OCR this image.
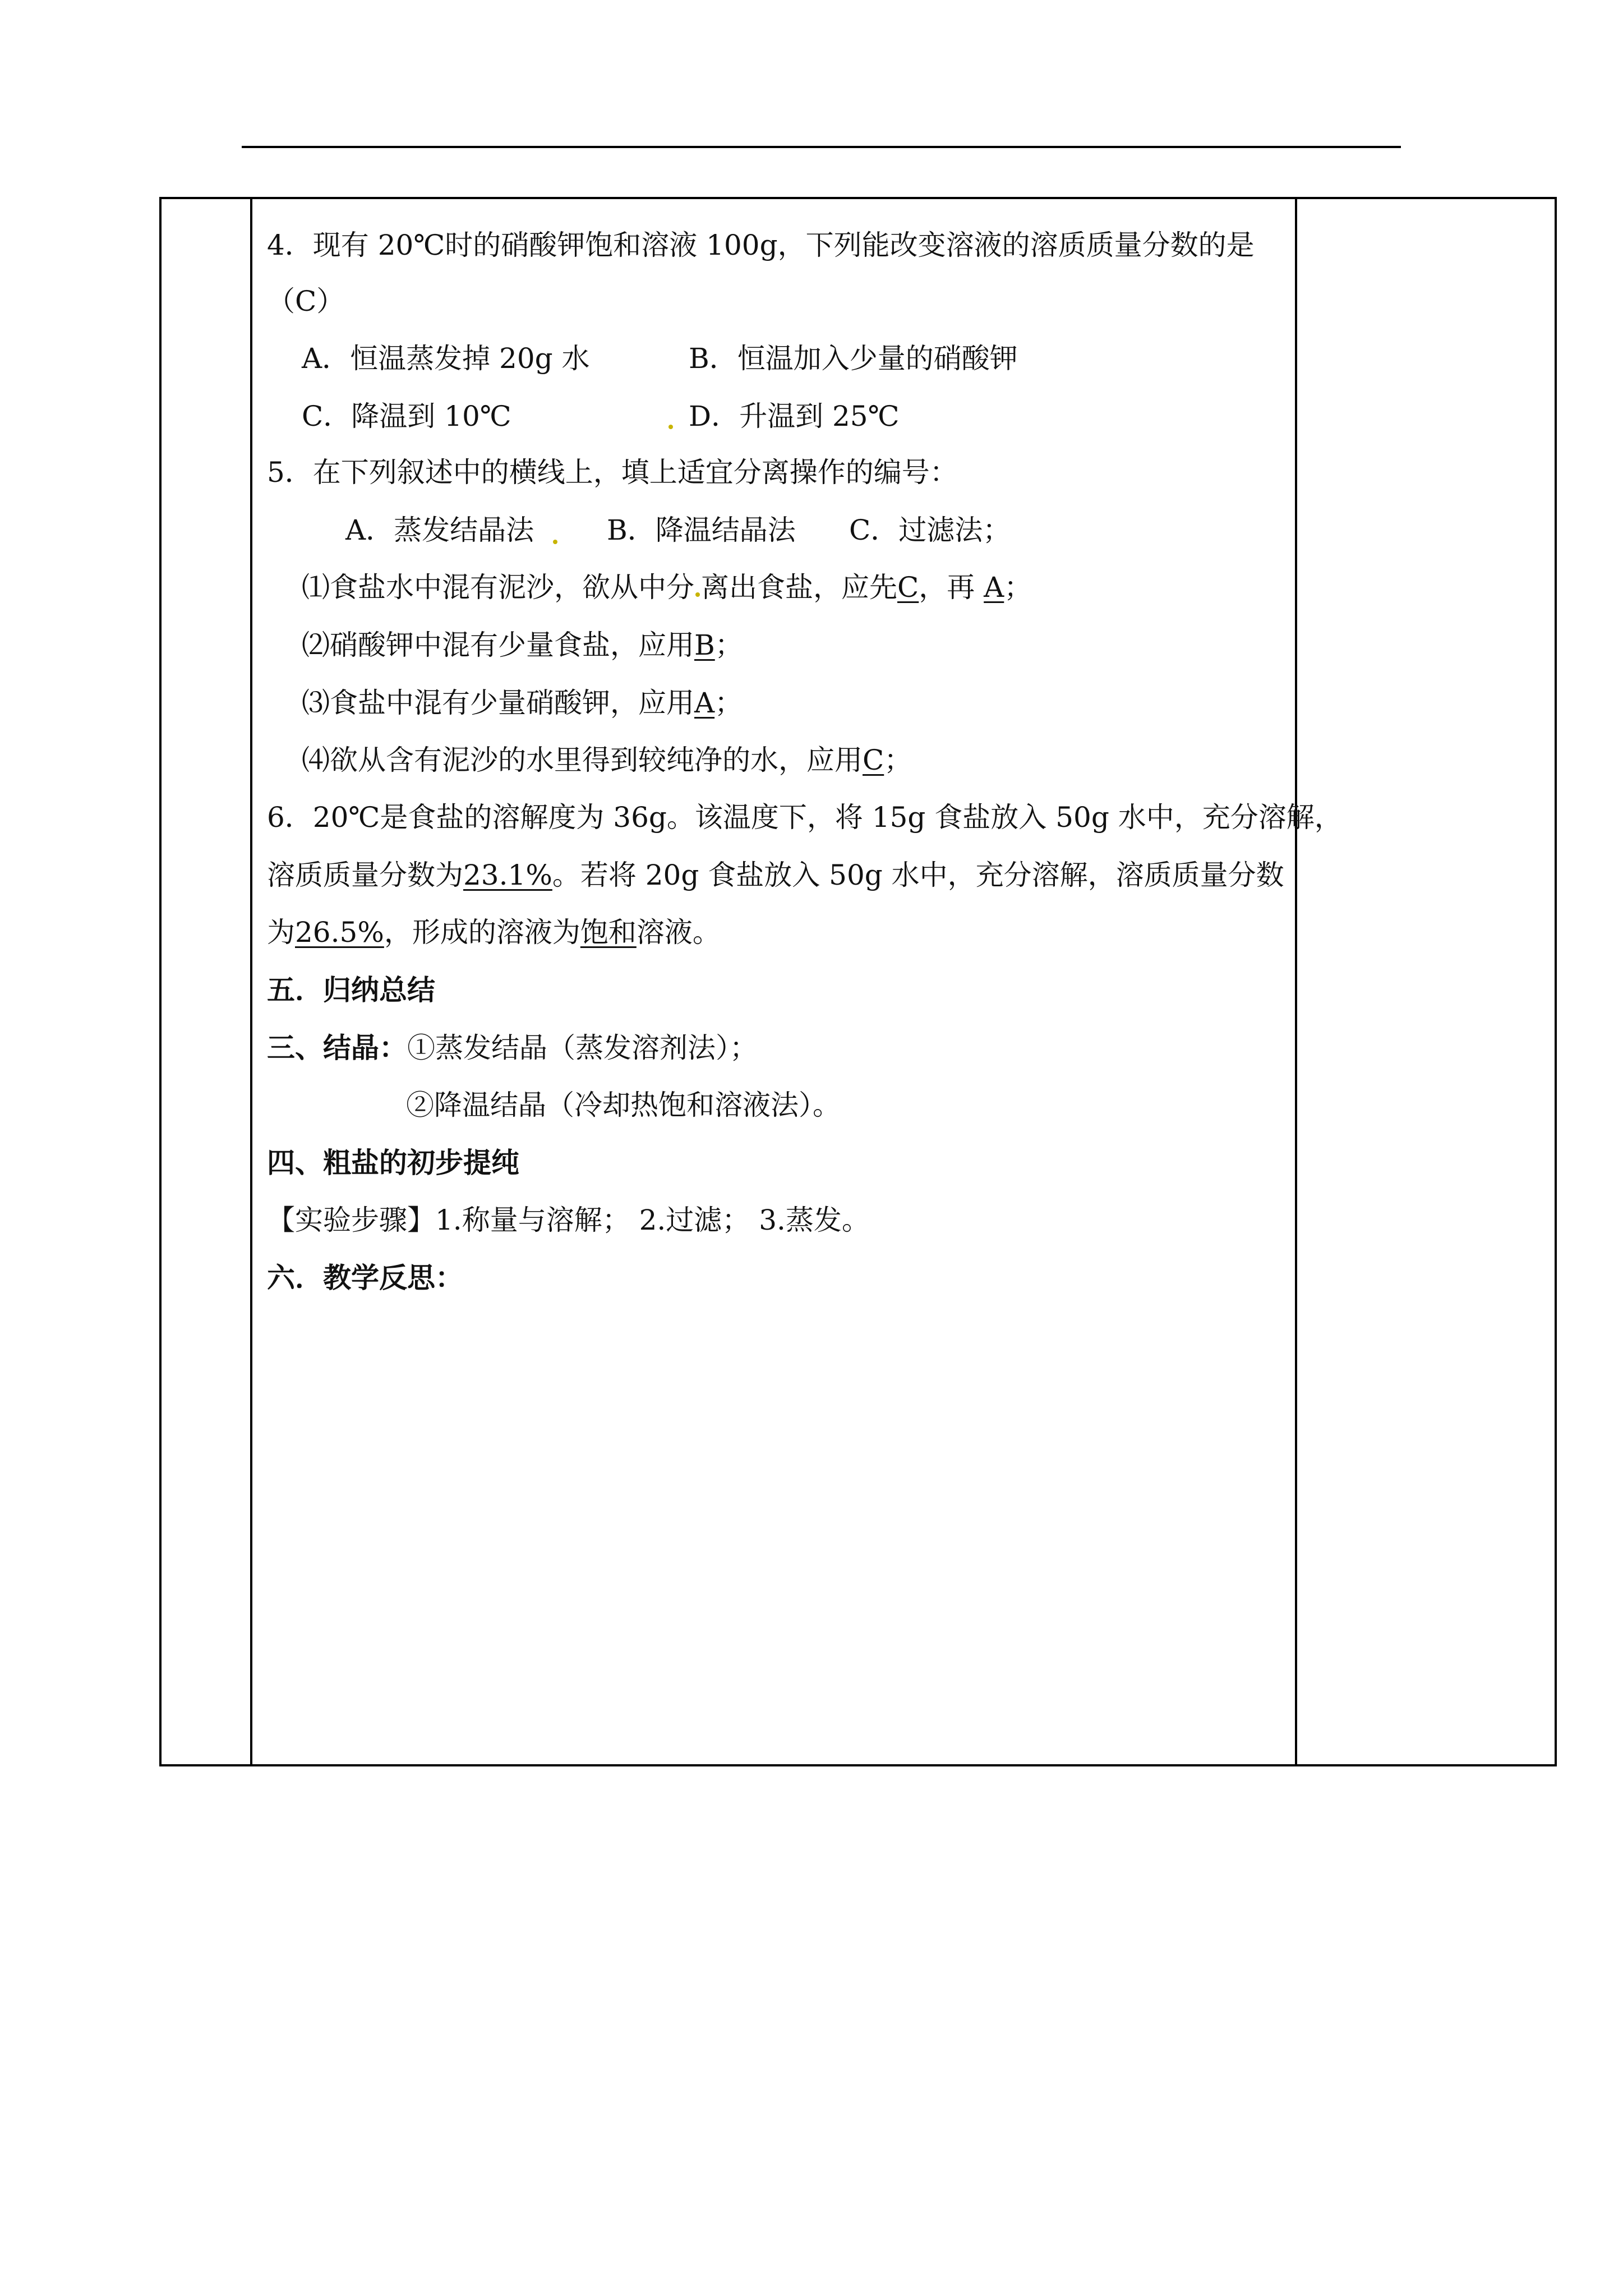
4．现有 20℃时的硝酸钾饱和溶液 100g，下列能改变溶液的溶质质量分数的是
（C）
A．恒温蒸发掉 20g 水	B．恒温加入少量的硝酸钾
C．降温到 10℃	D．升温到 25℃
5．在下列叙述中的横线上，填上适宜分离操作的编号：
A．蒸发结晶法	B．降温结晶法 C．过滤法；
⑴食盐水中混有泥沙，欲从中分 离出食盐，应先C，再 A；
⑵硝酸钾中混有少量食盐，应用B；
⑶食盐中混有少量硝酸钾，应用A；
⑷欲从含有泥沙的水里得到较纯净的水，应用C；
6．20℃是食盐的溶解度为 36g。该温度下，将 15g 食盐放入 50g 水中，充分溶解，
溶质质量分数为23.1%。若将 20g 食盐放入 50g 水中，充分溶解，溶质质量分数
为26.5%，形成的溶液为饱和溶液。
五．归纳总结
三、结晶：①蒸发结晶（蒸发溶剂法）；
②降温结晶（冷却热饱和溶液法）。
四、粗盐的初步提纯
【实验步骤】1.称量与溶解； 2.过滤； 3.蒸发。
六．教学反思：
